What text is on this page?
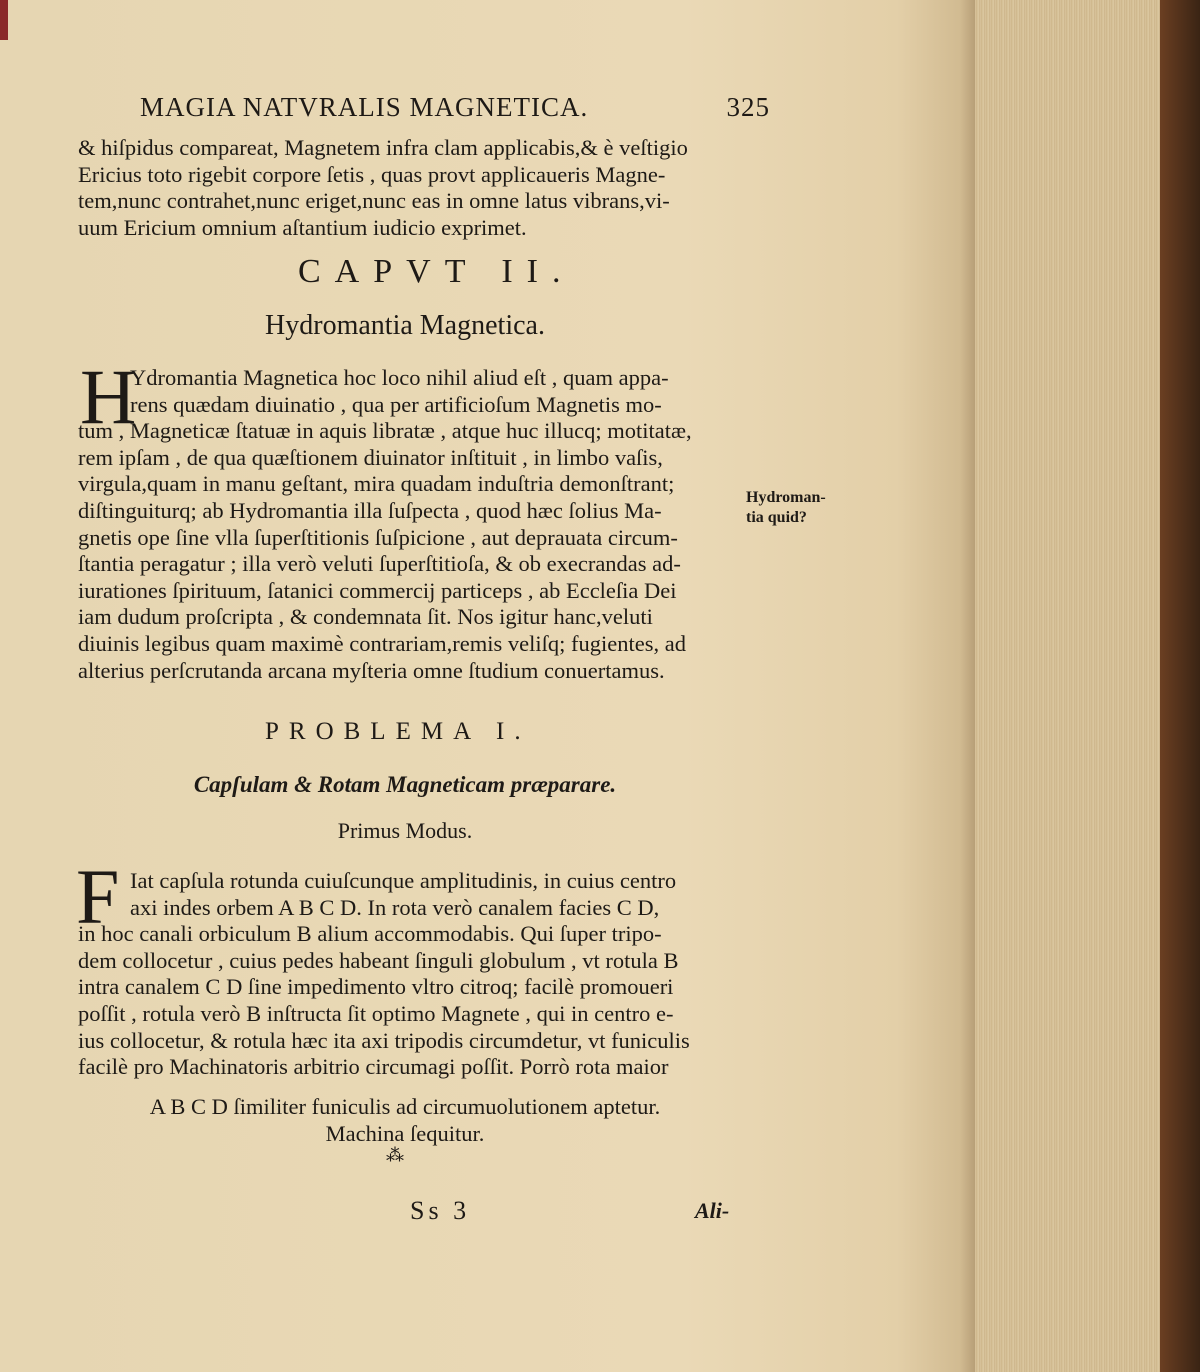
MAGIA NATVRALIS MAGNETICA.	325
& hiſpidus compareat, Magnetem infra clam applicabis,& è veſtigio
Ericius toto rigebit corpore ſetis , quas provt applicaueris Magne-
tem,nunc contrahet,nunc eriget,nunc eas in omne latus vibrans,vi-
uum Ericium omnium aſtantium iudicio exprimet.
CAPVT II.
Hydromantia Magnetica.
H
Ydromantia Magnetica hoc loco nihil aliud eſt , quam appa-
rens quædam diuinatio , qua per artificioſum Magnetis mo-
tum , Magneticæ ſtatuæ in aquis libratæ , atque huc illucq; motitatæ,
rem ipſam , de qua quæſtionem diuinator inſtituit , in limbo vaſis,
virgula,quam in manu geſtant, mira quadam induſtria demonſtrant;
diſtinguiturq; ab Hydromantia illa ſuſpecta , quod hæc ſolius Ma-
gnetis ope ſine vlla ſuperſtitionis ſuſpicione , aut deprauata circum-
ſtantia peragatur ; illa verò veluti ſuperſtitioſa, & ob execrandas ad-
iurationes ſpirituum, ſatanici commercij particeps , ab Eccleſia Dei
iam dudum proſcripta , & condemnata ſit. Nos igitur hanc,veluti
diuinis legibus quam maximè contrariam,remis veliſq; fugientes, ad
alterius perſcrutanda arcana myſteria omne ſtudium conuertamus.
Hydroman-
tia quid?
PROBLEMA I.
Capſulam & Rotam Magneticam præparare.
Primus Modus.
F Iat capſula rotunda cuiuſcunque amplitudinis, in cuius centro
axi indes orbem A B C D. In rota verò canalem facies C D,
in hoc canali orbiculum B alium accommodabis. Qui ſuper tripo-
dem collocetur , cuius pedes habeant ſinguli globulum , vt rotula B
intra canalem C D ſine impedimento vltro citroq; facilè promoueri
poſſit , rotula verò B inſtructa ſit optimo Magnete , qui in centro e-
ius collocetur, & rotula hæc ita axi tripodis circumdetur, vt funiculis
facilè pro Machinatoris arbitrio circumagi poſſit. Porrò rota maior
A B C D ſimiliter funiculis ad circumuolutionem aptetur.
Machina ſequitur.
⁂
Ss 3	Ali-
